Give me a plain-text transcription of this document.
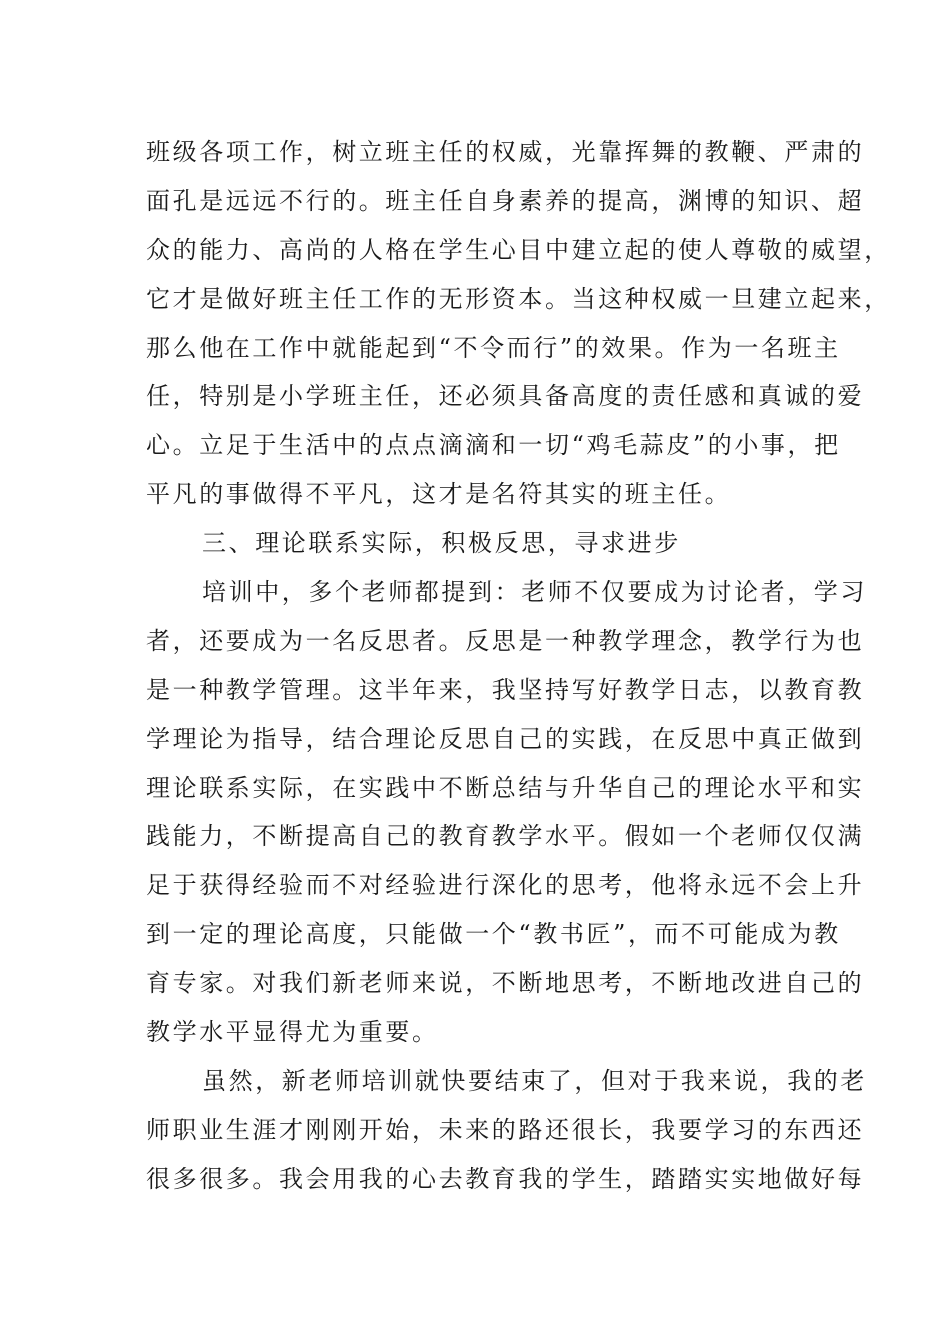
班级各项工作，树立班主任的权威，光靠挥舞的教鞭、严肃的
面孔是远远不行的。班主任自身素养的提高，渊博的知识、超
众的能力、高尚的人格在学生心目中建立起的使人尊敬的威望，
它才是做好班主任工作的无形资本。当这种权威一旦建立起来，
那么他在工作中就能起到“不令而行”的效果。作为一名班主
任，特别是小学班主任，还必须具备高度的责任感和真诚的爱
心。立足于生活中的点点滴滴和一切“鸡毛蒜皮”的小事，把
平凡的事做得不平凡，这才是名符其实的班主任。
三、理论联系实际，积极反思，寻求进步
培训中，多个老师都提到：老师不仅要成为讨论者，学习
者，还要成为一名反思者。反思是一种教学理念，教学行为也
是一种教学管理。这半年来，我坚持写好教学日志，以教育教
学理论为指导，结合理论反思自己的实践，在反思中真正做到
理论联系实际，在实践中不断总结与升华自己的理论水平和实
践能力，不断提高自己的教育教学水平。假如一个老师仅仅满
足于获得经验而不对经验进行深化的思考，他将永远不会上升
到一定的理论高度，只能做一个“教书匠”，而不可能成为教
育专家。对我们新老师来说，不断地思考，不断地改进自己的
教学水平显得尤为重要。
虽然，新老师培训就快要结束了，但对于我来说，我的老
师职业生涯才刚刚开始，未来的路还很长，我要学习的东西还
很多很多。我会用我的心去教育我的学生，踏踏实实地做好每
